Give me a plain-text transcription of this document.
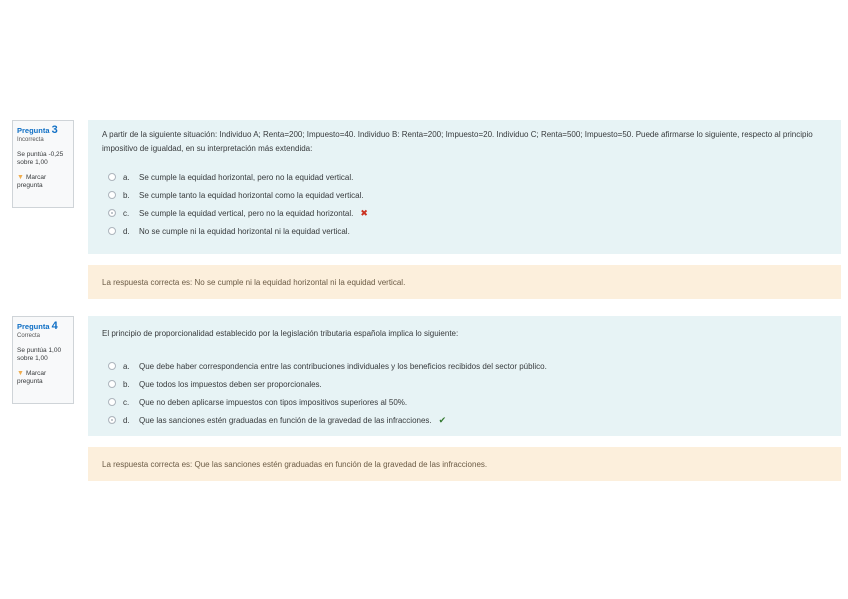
Pregunta 3
Incorrecta
Se puntúa -0,25 sobre 1,00
▼ Marcar pregunta
A partir de la siguiente situación: Individuo A; Renta=200; Impuesto=40. Individuo B: Renta=200; Impuesto=20. Individuo C; Renta=500; Impuesto=50. Puede afirmarse lo siguiente, respecto al principio impositivo de igualdad, en su interpretación más extendida:
a.	Se cumple la equidad horizontal, pero no la equidad vertical.
b.	Se cumple tanto la equidad horizontal como la equidad vertical.
c.	Se cumple la equidad vertical, pero no la equidad horizontal. ✖
d.	No se cumple ni la equidad horizontal ni la equidad vertical.
La respuesta correcta es: No se cumple ni la equidad horizontal ni la equidad vertical.
Pregunta 4
Correcta
Se puntúa 1,00 sobre 1,00
▼ Marcar pregunta
El principio de proporcionalidad establecido por la legislación tributaria española implica lo siguiente:
a.	Que debe haber correspondencia entre las contribuciones individuales y los beneficios recibidos del sector público.
b.	Que todos los impuestos deben ser proporcionales.
c.	Que no deben aplicarse impuestos con tipos impositivos superiores al 50%.
d.	Que las sanciones estén graduadas en función de la gravedad de las infracciones. ✔
La respuesta correcta es: Que las sanciones estén graduadas en función de la gravedad de las infracciones.
